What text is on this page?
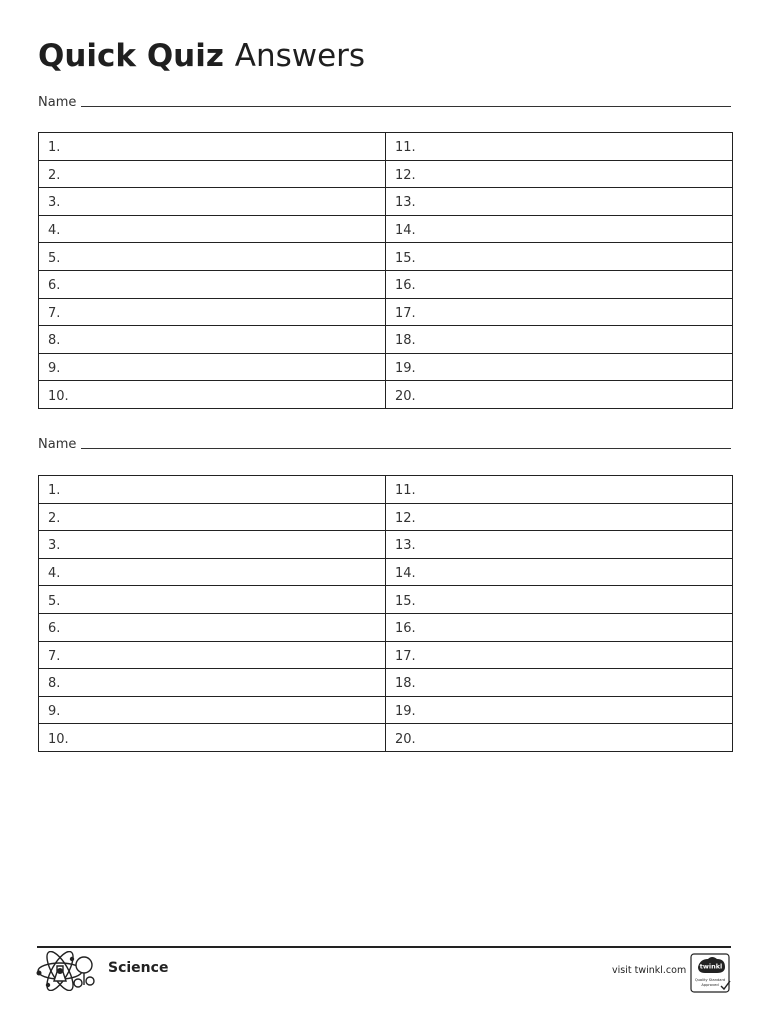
Quick Quiz Answers
Name
1.	11.
2.	12.
3.	13.
4.	14.
5.	15.
6.	16.
7.	17.
8.	18.
9.	19.
10.	20.
Name
1.	11.
2.	12.
3.	13.
4.	14.
5.	15.
6.	16.
7.	17.
8.	18.
9.	19.
10.	20.
Science	visit twinkl.com twinkl
Quality Standard
Approved
